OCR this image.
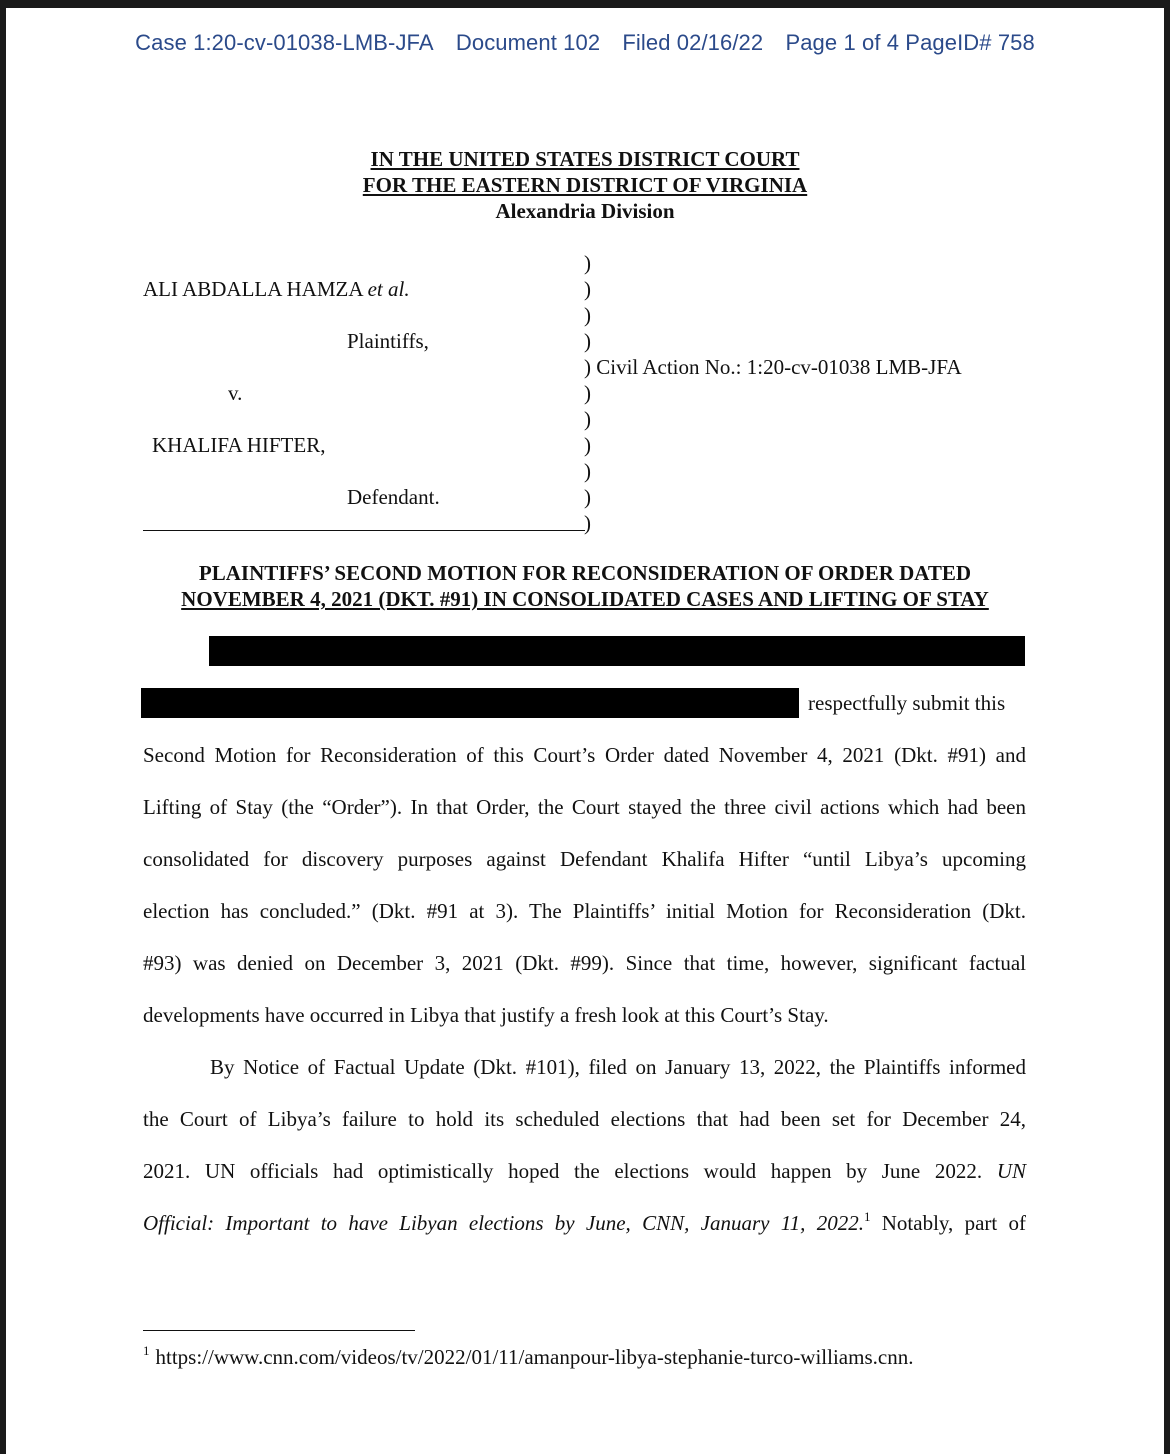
Case 1:20-cv-01038-LMB-JFA Document 102 Filed 02/16/22 Page 1 of 4 PageID# 758
IN THE UNITED STATES DISTRICT COURT
FOR THE EASTERN DISTRICT OF VIRGINIA
Alexandria Division
ALI ABDALLA HAMZA et al.
Plaintiffs,
v.
KHALIFA HIFTER,
Defendant.
)
)
)
)
) Civil Action No.: 1:20-cv-01038 LMB-JFA
)
)
)
)
)
)
PLAINTIFFS’ SECOND MOTION FOR RECONSIDERATION OF ORDER DATED
NOVEMBER 4, 2021 (DKT. #91) IN CONSOLIDATED CASES AND LIFTING OF STAY
respectfully submit this
Second Motion for Reconsideration of this Court’s Order dated November 4, 2021 (Dkt. #91) and
Lifting of Stay (the “Order”). In that Order, the Court stayed the three civil actions which had been
consolidated for discovery purposes against Defendant Khalifa Hifter “until Libya’s upcoming
election has concluded.” (Dkt. #91 at 3). The Plaintiffs’ initial Motion for Reconsideration (Dkt.
#93) was denied on December 3, 2021 (Dkt. #99). Since that time, however, significant factual
developments have occurred in Libya that justify a fresh look at this Court’s Stay.
By Notice of Factual Update (Dkt. #101), filed on January 13, 2022, the Plaintiffs informed
the Court of Libya’s failure to hold its scheduled elections that had been set for December 24,
2021. UN officials had optimistically hoped the elections would happen by June 2022. UN
Official: Important to have Libyan elections by June, CNN, January 11, 2022.$^1$ Notably, part of
$^1$ https://www.cnn.com/videos/tv/2022/01/11/amanpour-libya-stephanie-turco-williams.cnn.
